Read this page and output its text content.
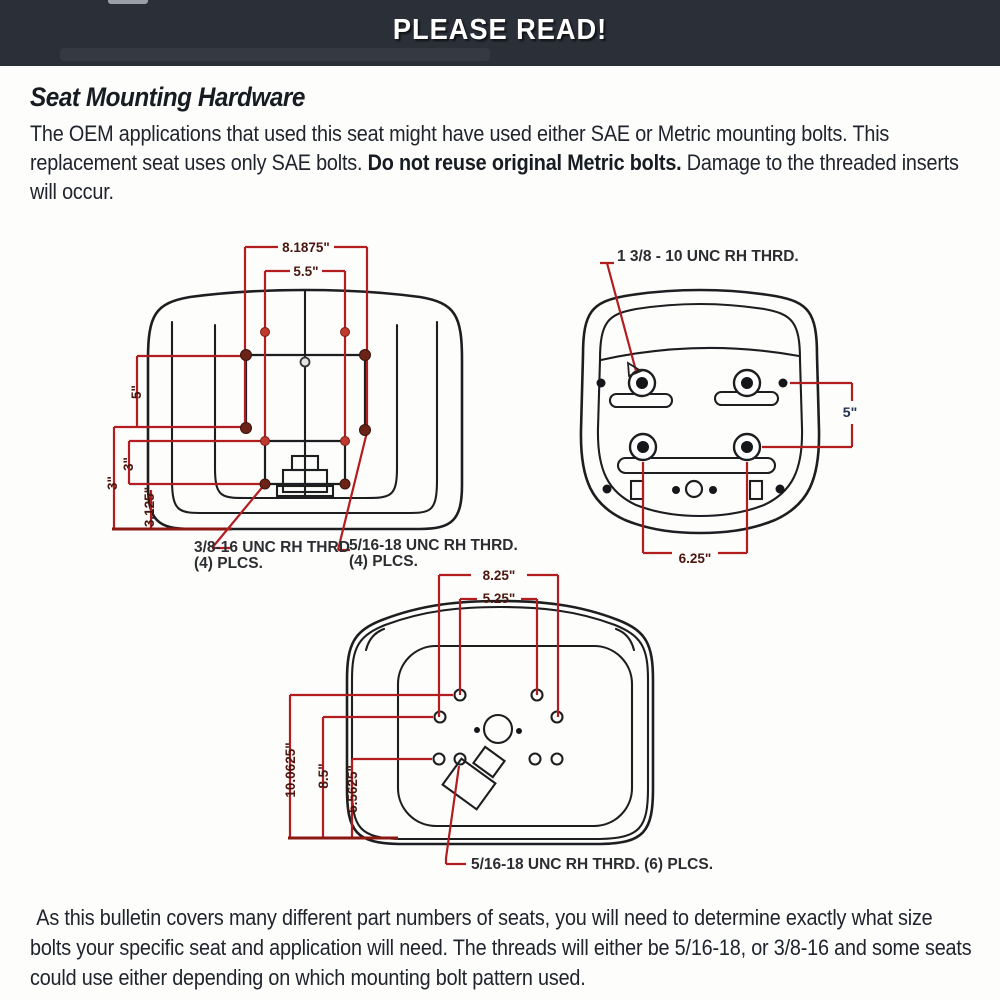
PLEASE READ!
Seat Mounting Hardware

The OEM applications that used this seat might have used either SAE or Metric mounting bolts. This replacement seat uses only SAE bolts. Do not reuse original Metric bolts. Damage to the threaded inserts will occur.

8.1875"
5.5"
5"
3"
3"
3.125"
3/8-16 UNC RH THRD
(4) PLCS.
5/16-18 UNC RH THRD.
(4) PLCS.
1 3/8 - 10 UNC RH THRD.
5"
6.25"
8.25"
5.25"
10.0625" 8.5" 5.5625"
5/16-18 UNC RH THRD. (6) PLCS.

As this bulletin covers many different part numbers of seats, you will need to determine exactly what size bolts your specific seat and application will need. The threads will either be 5/16-18, or 3/8-16 and some seats could use either depending on which mounting bolt pattern used.
